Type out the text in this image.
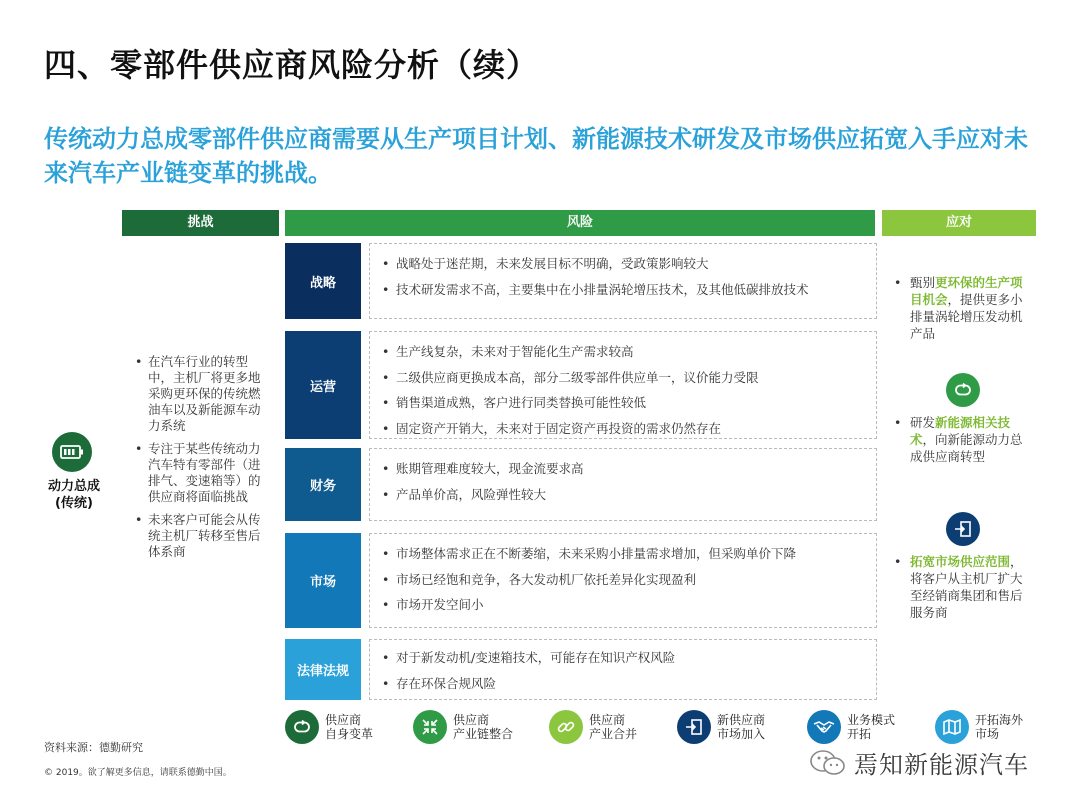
四、零部件供应商风险分析（续）
传统动力总成零部件供应商需要从生产项目计划、新能源技术研发及市场供应拓宽入手应对未来汽车产业链变革的挑战。
挑战	风险	应对
动力总成
(传统)
• 在汽车行业的转型中，主机厂将更多地采购更环保的传统燃油车以及新能源车动力系统
• 专注于某些传统动力汽车特有零部件（进排气、变速箱等）的供应商将面临挑战
• 未来客户可能会从传统主机厂转移至售后体系商
战略
• 战略处于迷茫期，未来发展目标不明确，受政策影响较大
• 技术研发需求不高，主要集中在小排量涡轮增压技术，及其他低碳排放技术
运营
• 生产线复杂，未来对于智能化生产需求较高
• 二级供应商更换成本高，部分二级零部件供应单一，议价能力受限
• 销售渠道成熟，客户进行同类替换可能性较低
• 固定资产开销大，未来对于固定资产再投资的需求仍然存在
财务
• 账期管理难度较大，现金流要求高
• 产品单价高，风险弹性较大
市场
• 市场整体需求正在不断萎缩，未来采购小排量需求增加，但采购单价下降
• 市场已经饱和竞争，各大发动机厂依托差异化实现盈利
• 市场开发空间小
法律法规
• 对于新发动机/变速箱技术，可能存在知识产权风险
• 存在环保合规风险
• 甄别更环保的生产项目机会，提供更多小排量涡轮增压发动机产品

• 研发新能源相关技术，向新能源动力总成供应商转型

• 拓宽市场供应范围，将客户从主机厂扩大至经销商集团和售后服务商

供应商
自身变革
供应商
产业链整合
供应商
产业合并
新供应商
市场加入
业务模式
开拓
开拓海外
市场
资料来源：德勤研究
© 2019。欲了解更多信息，请联系德勤中国。	焉知新能源汽车
